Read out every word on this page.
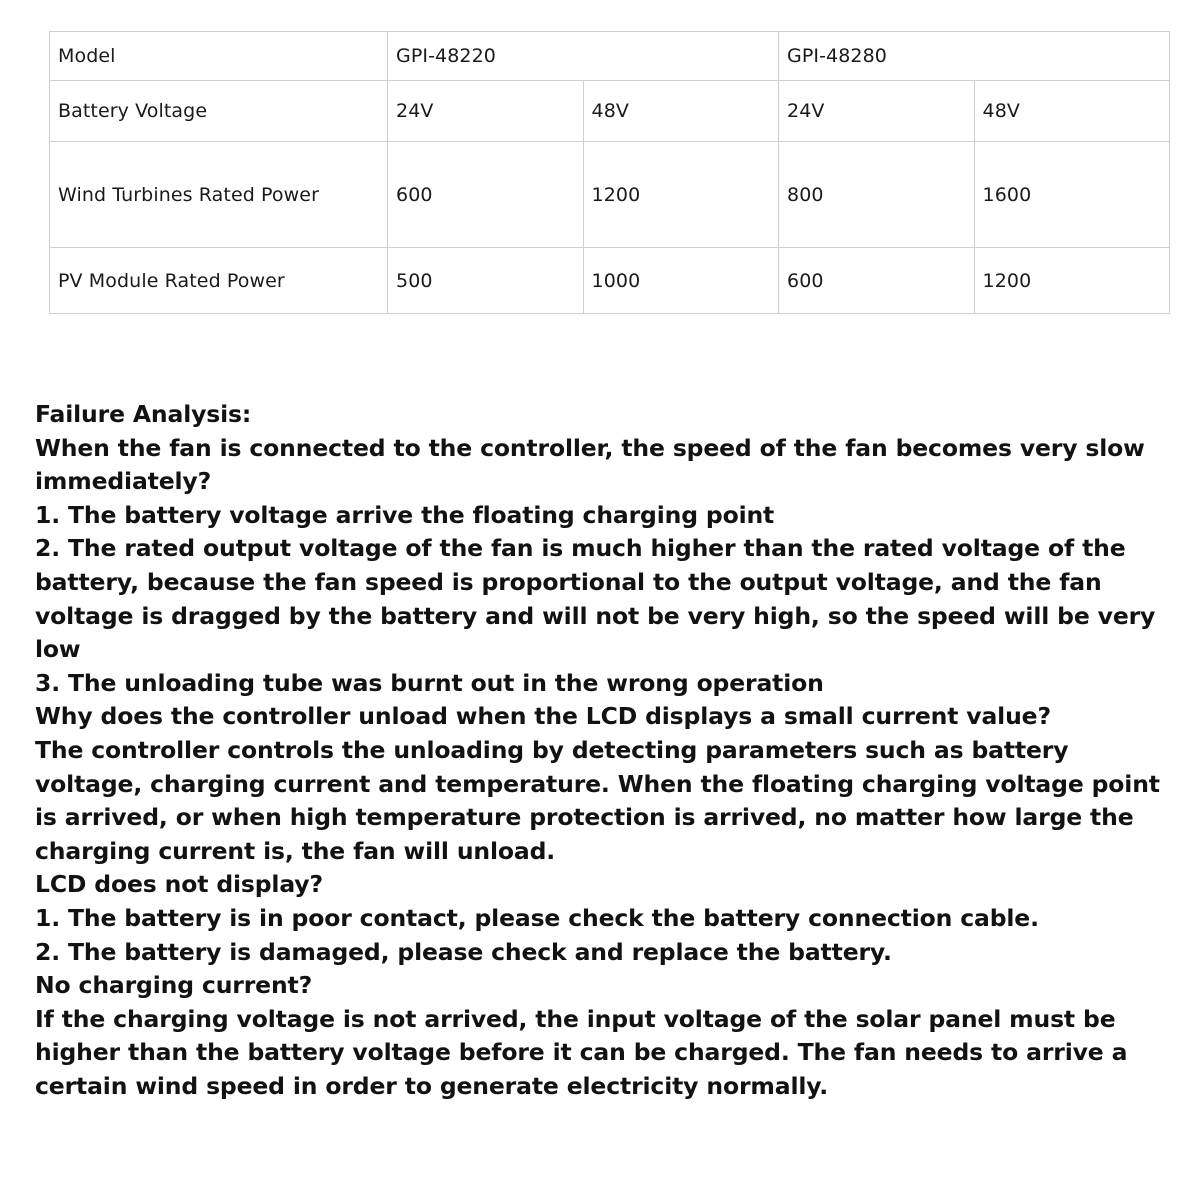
Model	GPI-48220		GPI-48280	
Battery Voltage	24V	48V	24V	48V
Wind Turbines Rated Power	600	1200	800	1600
PV Module Rated Power	500	1000	600	1200

Failure Analysis:

When the fan is connected to the controller, the speed of the fan becomes very slow immediately?

1. The battery voltage arrive the floating charging point

2. The rated output voltage of the fan is much higher than the rated voltage of the battery, because the fan speed is proportional to the output voltage, and the fan voltage is dragged by the battery and will not be very high, so the speed will be very low

3. The unloading tube was burnt out in the wrong operation

Why does the controller unload when the LCD displays a small current value?

The controller controls the unloading by detecting parameters such as battery voltage, charging current and temperature. When the floating charging voltage point is arrived, or when high temperature protection is arrived, no matter how large the charging current is, the fan will unload.

LCD does not display?

1. The battery is in poor contact, please check the battery connection cable.

2. The battery is damaged, please check and replace the battery.

No charging current?

If the charging voltage is not arrived, the input voltage of the solar panel must be higher than the battery voltage before it can be charged. The fan needs to arrive a certain wind speed in order to generate electricity normally.
